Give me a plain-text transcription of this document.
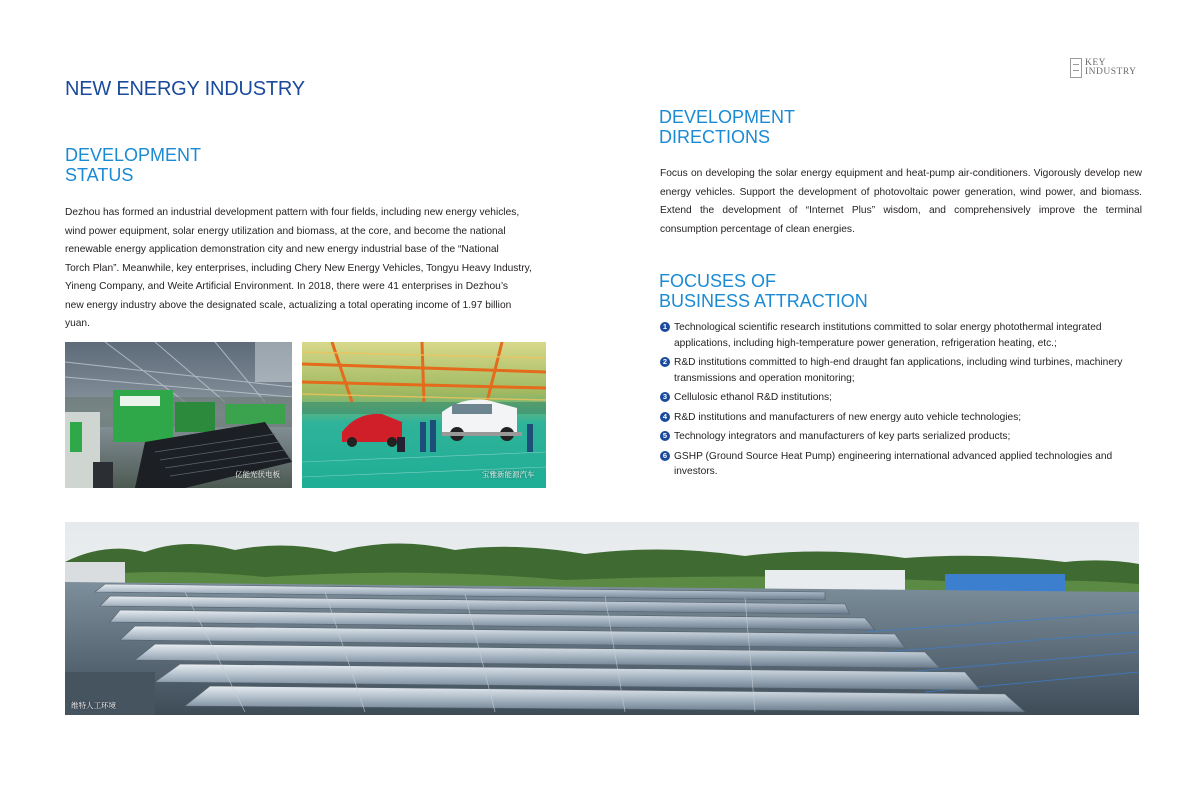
NEW ENERGY INDUSTRY
KEY
INDUSTRY
DEVELOPMENT
STATUS
Dezhou has formed an industrial development pattern with four fields, including new energy vehicles,
wind power equipment, solar energy utilization and biomass, at the core, and become the national
renewable energy application demonstration city and new energy industrial base of the “National
Torch Plan”. Meanwhile, key enterprises, including Chery New Energy Vehicles, Tongyu Heavy Industry,
Yineng Company, and Weite Artificial Environment. In 2018, there were 41 enterprises in Dezhou’s
new energy industry above the designated scale, actualizing a total operating income of 1.97 billion
yuan.
亿能光伏电板	宝雅新能源汽车
DEVELOPMENT
DIRECTIONS
Focus on developing the solar energy equipment and heat-pump air-conditioners. Vigorously develop new energy vehicles. Support the development of photovoltaic power generation, wind power, and biomass. Extend the development of “Internet Plus” wisdom, and comprehensively improve the terminal consumption percentage of clean energies.
FOCUSES OF
BUSINESS ATTRACTION
1 Technological scientific research institutions committed to solar energy photothermal integrated applications, including high-temperature power generation, refrigeration heating, etc.;
2 R&D institutions committed to high-end draught fan applications, including wind turbines, machinery transmissions and operation monitoring;
3 Cellulosic ethanol R&D institutions;
4 R&D institutions and manufacturers of new energy auto vehicle technologies;
5 Technology integrators and manufacturers of key parts serialized products;
6 GSHP (Ground Source Heat Pump) engineering international advanced applied technologies and investors.
维特人工环境
